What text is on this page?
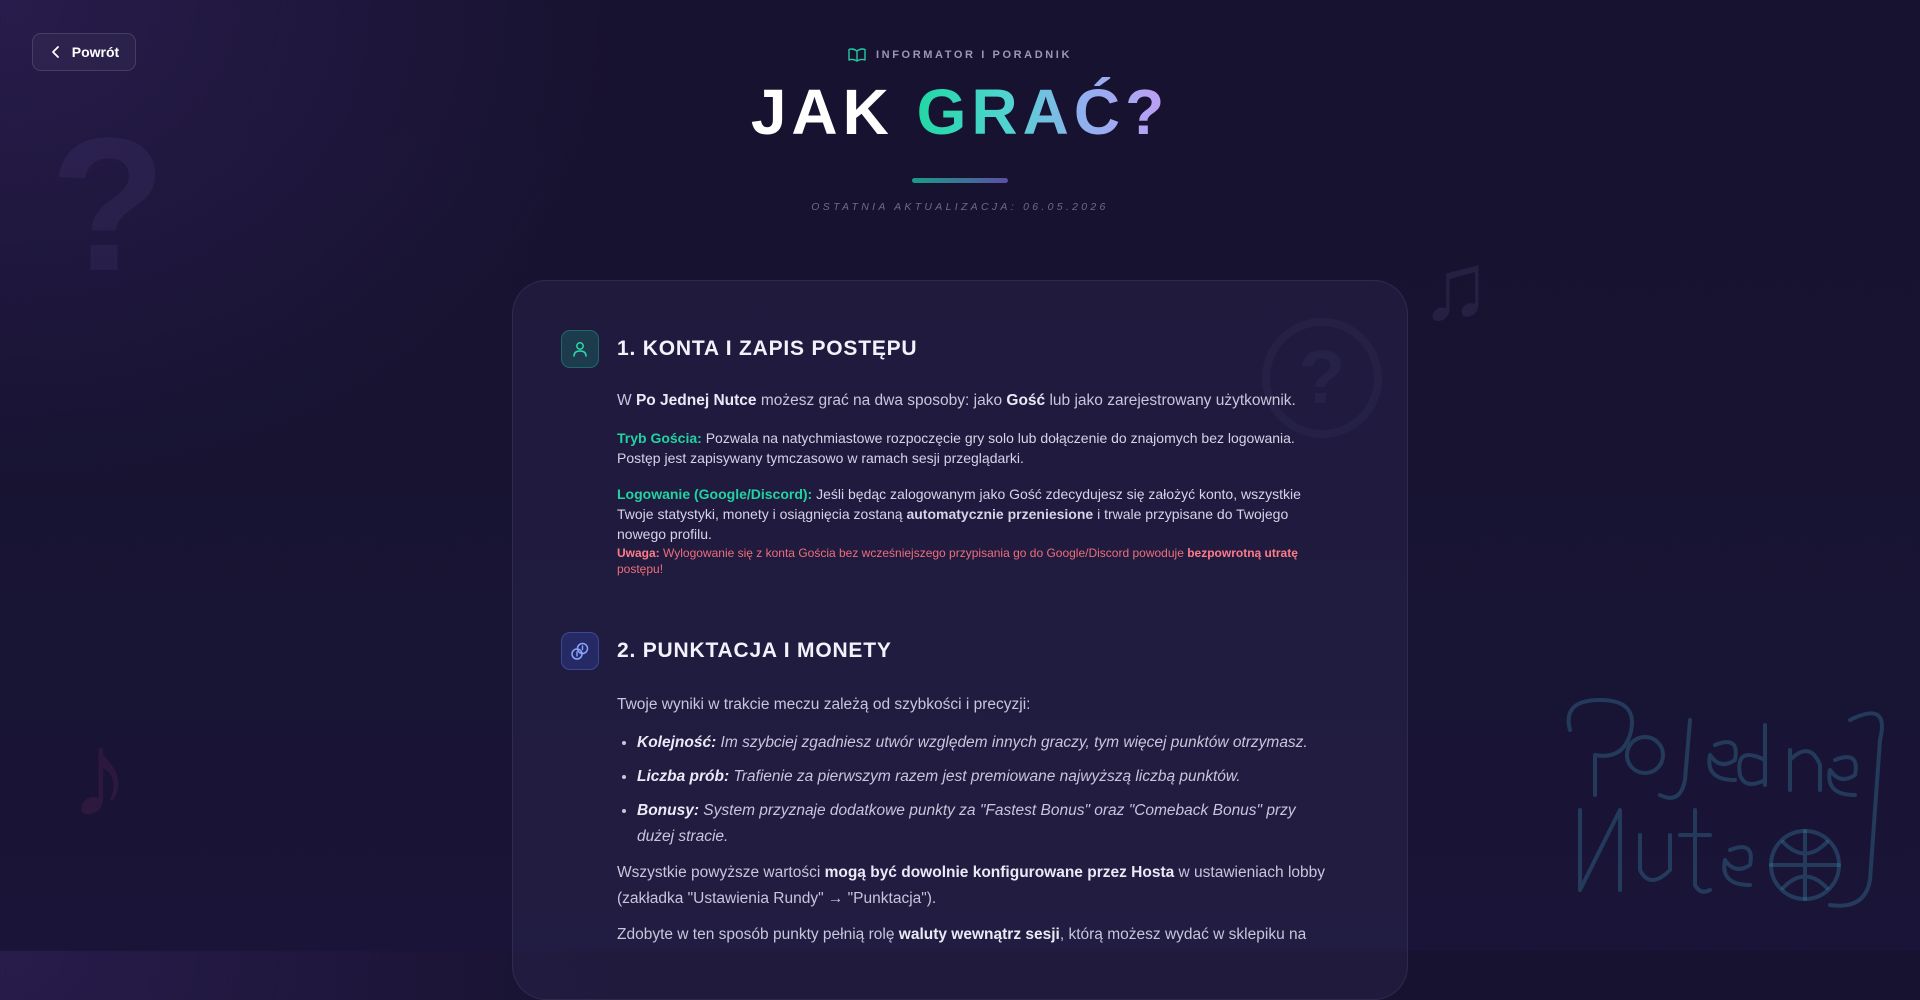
?
♪
♫
Powrót	INFORMATOR I PORADNIK
JAK GRAĆ?
OSTATNIA AKTUALIZACJA: 06.05.2026
1. KONTA I ZAPIS POSTĘPU

W Po Jednej Nutce możesz grać na dwa sposoby: jako Gość lub jako zarejestrowany użytkownik.

Tryb Gościa: Pozwala na natychmiastowe rozpoczęcie gry solo lub dołączenie do znajomych bez logowania. Postęp jest zapisywany tymczasowo w ramach sesji przeglądarki.

Logowanie (Google/Discord): Jeśli będąc zalogowanym jako Gość zdecydujesz się założyć konto, wszystkie Twoje statystyki, monety i osiągnięcia zostaną automatycznie przeniesione i trwale przypisane do Twojego nowego profilu.

Uwaga: Wylogowanie się z konta Gościa bez wcześniejszego przypisania go do Google/Discord powoduje bezpowrotną utratę postępu!

2. PUNKTACJA I MONETY

Twoje wyniki w trakcie meczu zależą od szybkości i precyzji:

• Kolejność: Im szybciej zgadniesz utwór względem innych graczy, tym więcej punktów otrzymasz.
• Liczba prób: Trafienie za pierwszym razem jest premiowane najwyższą liczbą punktów.
• Bonusy: System przyznaje dodatkowe punkty za "Fastest Bonus" oraz "Comeback Bonus" przy dużej stracie.

Wszystkie powyższe wartości mogą być dowolnie konfigurowane przez Hosta w ustawieniach lobby (zakładka "Ustawienia Rundy" → "Punktacja").

Zdobyte w ten sposób punkty pełnią rolę waluty wewnątrz sesji, którą możesz wydać w sklepiku na
